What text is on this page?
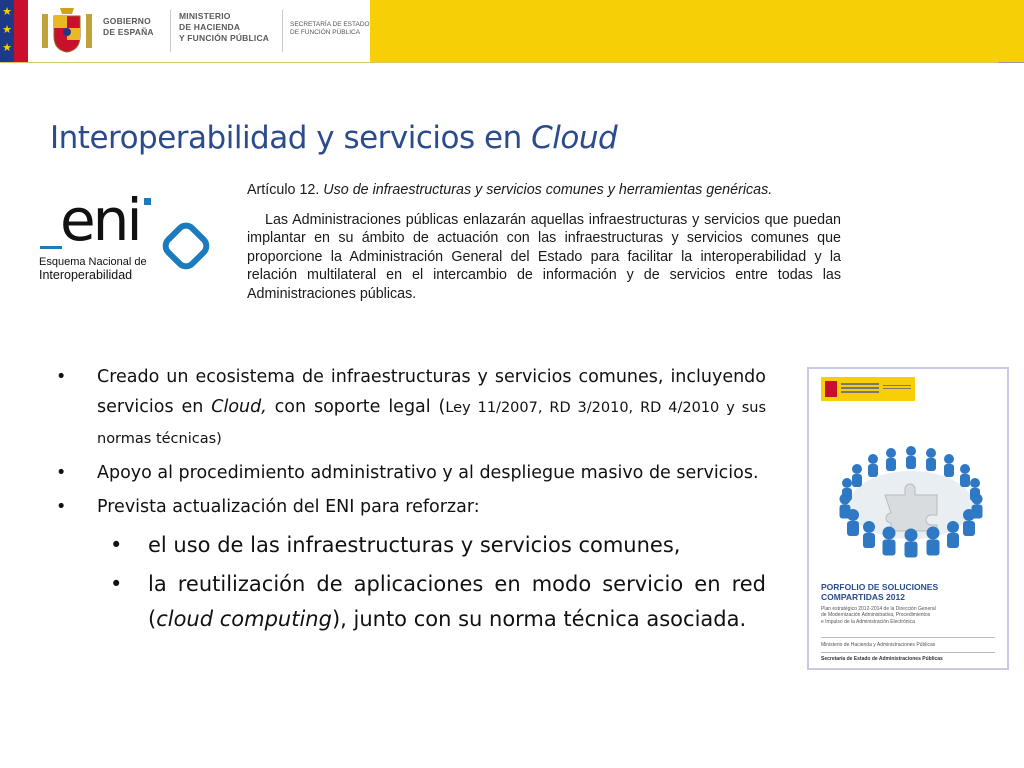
★
★
★
GOBIERNO
DE ESPAÑA
MINISTERIO
DE HACIENDA
Y FUNCIÓN PÚBLICA
SECRETARÍA DE ESTADO
DE FUNCIÓN PÚBLICA
Interoperabilidad y servicios en Cloud
eni
Esquema Nacional de
Interoperabilidad

Artículo 12. Uso de infraestructuras y servicios comunes y herramientas genéricas.

Las Administraciones públicas enlazarán aquellas infraestructuras y servicios que puedan implantar en su ámbito de actuación con las infraestructuras y servicios comunes que proporcione la Administración General del Estado para facilitar la interoperabilidad y la relación multilateral en el intercambio de información y de servicios entre todas las Administraciones públicas.

• Creado un ecosistema de infraestructuras y servicios comunes, incluyendo servicios en Cloud, con soporte legal (Ley 11/2007, RD 3/2010, RD 4/2010 y sus normas técnicas)
• Apoyo al procedimiento administrativo y al despliegue masivo de servicios.
• Prevista actualización del ENI para reforzar:
• el uso de las infraestructuras y servicios comunes,
• la reutilización de aplicaciones en modo servicio en red (cloud computing), junto con su norma técnica asociada.
PORFOLIO DE SOLUCIONES
COMPARTIDAS 2012
Plan estratégico 2012-2014 de la Dirección General
de Modernización Administrativa, Procedimientos
e Impulso de la Administración Electrónica
Ministerio de Hacienda y Administraciones Públicas
Secretaría de Estado de Administraciones Públicas
